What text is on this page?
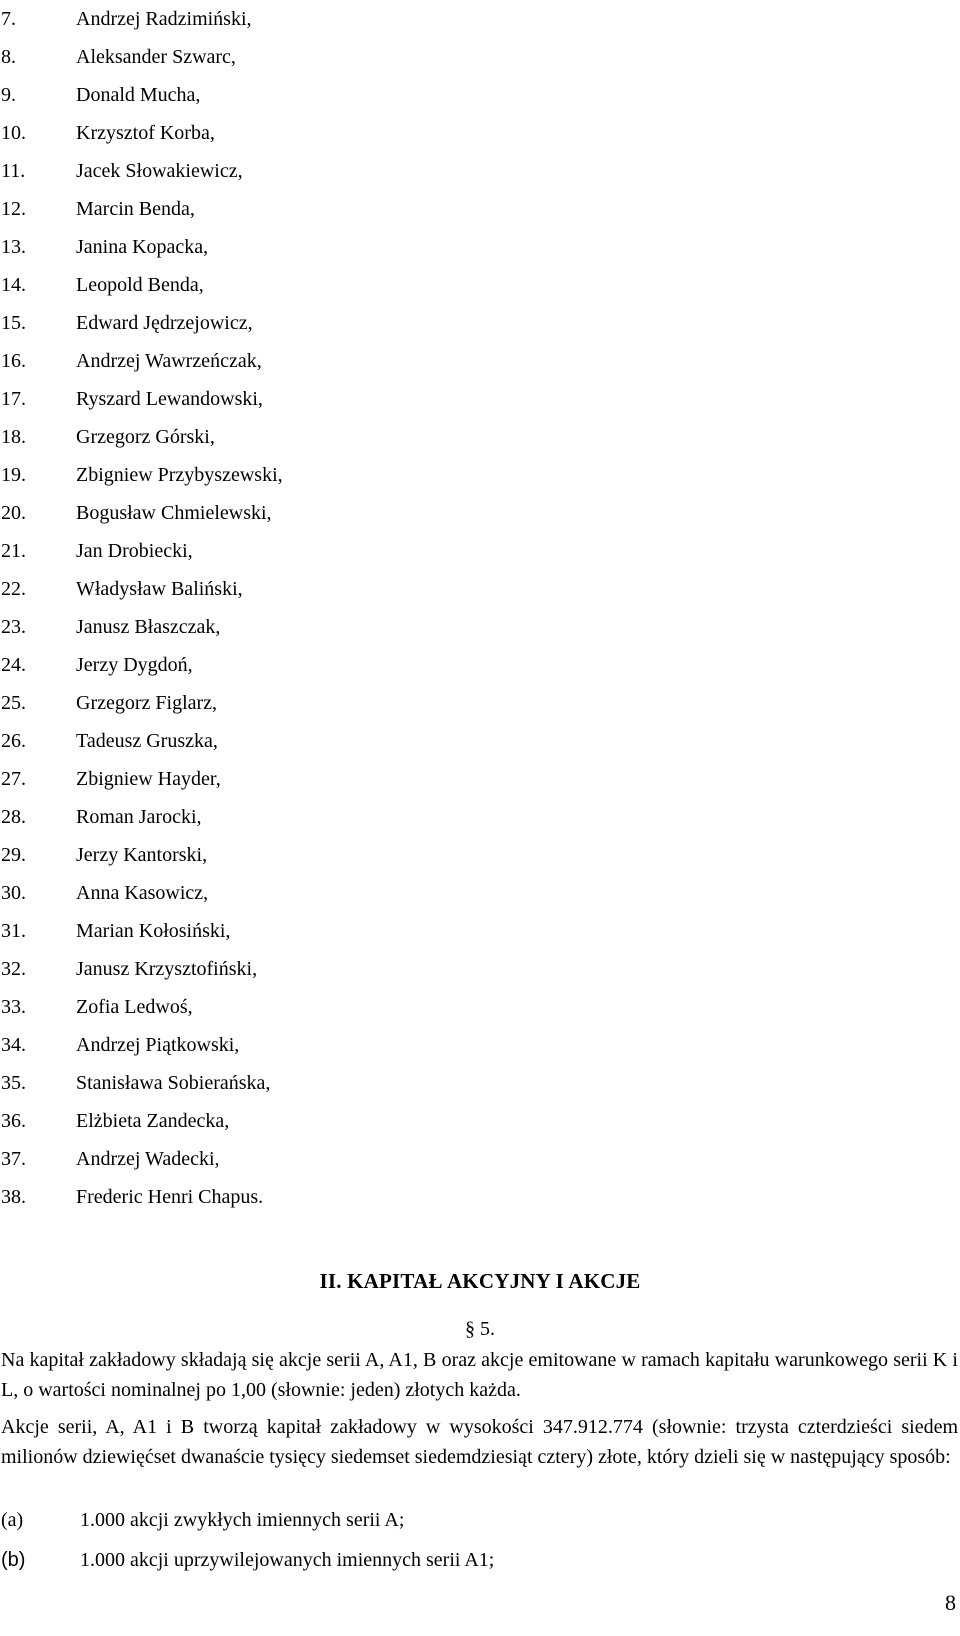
7.	Andrzej Radzimiński,
8.	Aleksander Szwarc,
9.	Donald Mucha,
10.	Krzysztof Korba,
11.	Jacek Słowakiewicz,
12.	Marcin Benda,
13.	Janina Kopacka,
14.	Leopold Benda,
15.	Edward Jędrzejowicz,
16.	Andrzej Wawrzeńczak,
17.	Ryszard Lewandowski,
18.	Grzegorz Górski,
19.	Zbigniew Przybyszewski,
20.	Bogusław Chmielewski,
21.	Jan Drobiecki,
22.	Władysław Baliński,
23.	Janusz Błaszczak,
24.	Jerzy Dygdoń,
25.	Grzegorz Figlarz,
26.	Tadeusz Gruszka,
27.	Zbigniew Hayder,
28.	Roman Jarocki,
29.	Jerzy Kantorski,
30.	Anna Kasowicz,
31.	Marian Kołosiński,
32.	Janusz Krzysztofiński,
33.	Zofia Ledwoś,
34.	Andrzej Piątkowski,
35.	Stanisława Sobierańska,
36.	Elżbieta Zandecka,
37.	Andrzej Wadecki,
38.	Frederic Henri Chapus.
II. KAPITAŁ AKCYJNY I AKCJE
§ 5.

Na kapitał zakładowy składają się akcje serii A, A1, B oraz akcje emitowane w ramach kapitału warunkowego serii K i L, o wartości nominalnej po 1,00 (słownie: jeden) złotych każda.

Akcje serii, A, A1 i B tworzą kapitał zakładowy w wysokości 347.912.774 (słownie: trzysta czterdzieści siedem milionów dziewięćset dwanaście tysięcy siedemset siedemdziesiąt cztery) złote, który dzieli się w następujący sposób:

(a)	1.000 akcji zwykłych imiennych serii A;
(b)	1.000 akcji uprzywilejowanych imiennych serii A1;
8
